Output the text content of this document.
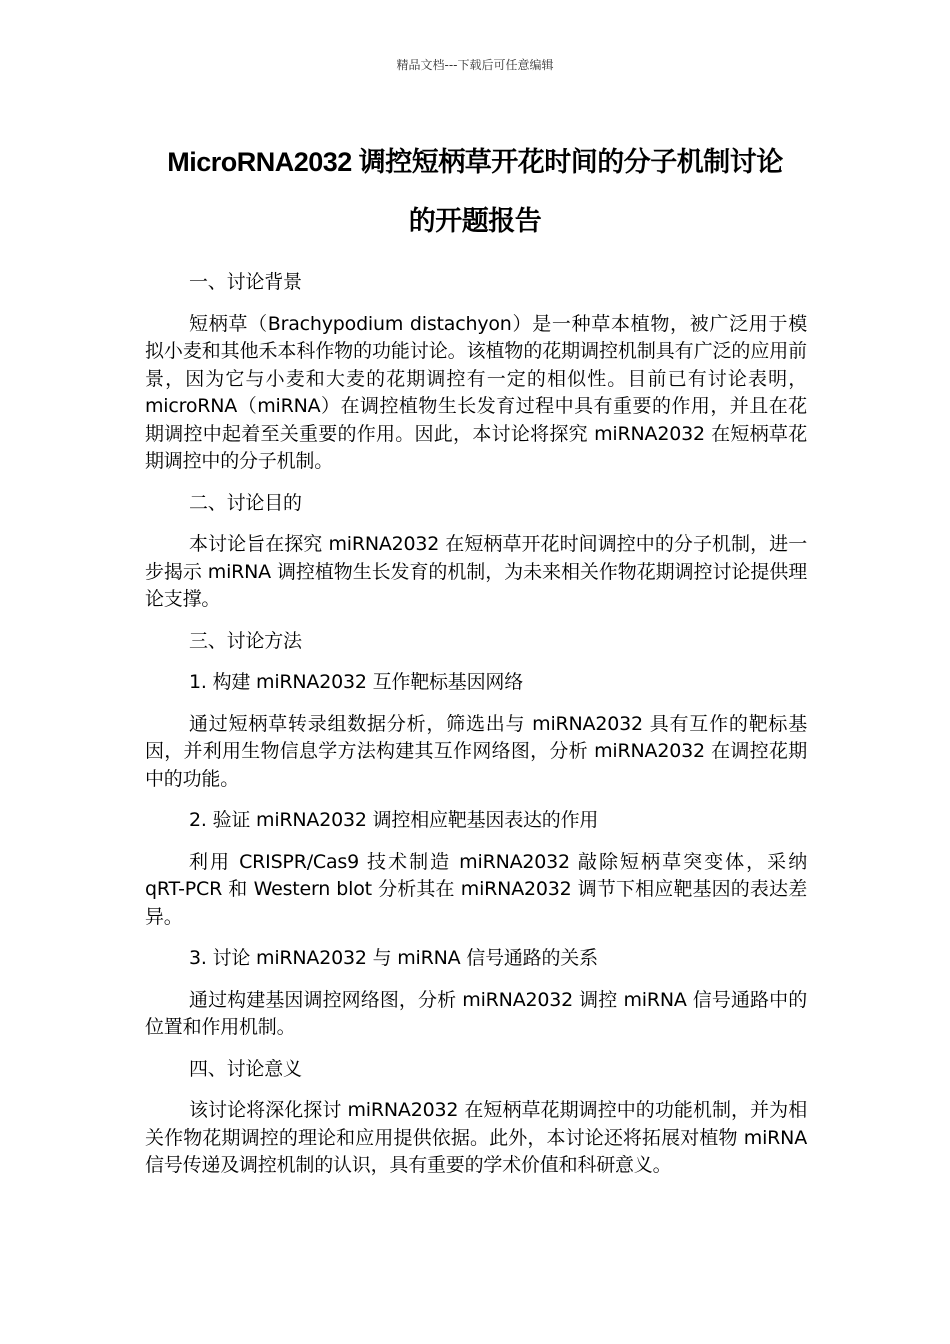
精品文档---下载后可任意编辑
MicroRNA2032 调控短柄草开花时间的分子机制讨论
的开题报告

一、讨论背景

短柄草（Brachypodium distachyon）是一种草本植物，被广泛用于模拟小麦和其他禾本科作物的功能讨论。该植物的花期调控机制具有广泛的应用前景，因为它与小麦和大麦的花期调控有一定的相似性。目前已有讨论表明，microRNA（miRNA）在调控植物生长发育过程中具有重要的作用，并且在花期调控中起着至关重要的作用。因此，本讨论将探究 miRNA2032 在短柄草花期调控中的分子机制。

二、讨论目的

本讨论旨在探究 miRNA2032 在短柄草开花时间调控中的分子机制，进一步揭示 miRNA 调控植物生长发育的机制，为未来相关作物花期调控讨论提供理论支撑。

三、讨论方法

1. 构建 miRNA2032 互作靶标基因网络

通过短柄草转录组数据分析，筛选出与 miRNA2032 具有互作的靶标基因，并利用生物信息学方法构建其互作网络图，分析 miRNA2032 在调控花期中的功能。

2. 验证 miRNA2032 调控相应靶基因表达的作用

利用 CRISPR/Cas9 技术制造 miRNA2032 敲除短柄草突变体，采纳 qRT-PCR 和 Western blot 分析其在 miRNA2032 调节下相应靶基因的表达差异。

3. 讨论 miRNA2032 与 miRNA 信号通路的关系

通过构建基因调控网络图，分析 miRNA2032 调控 miRNA 信号通路中的位置和作用机制。

四、讨论意义

该讨论将深化探讨 miRNA2032 在短柄草花期调控中的功能机制，并为相关作物花期调控的理论和应用提供依据。此外，本讨论还将拓展对植物 miRNA 信号传递及调控机制的认识，具有重要的学术价值和科研意义。
